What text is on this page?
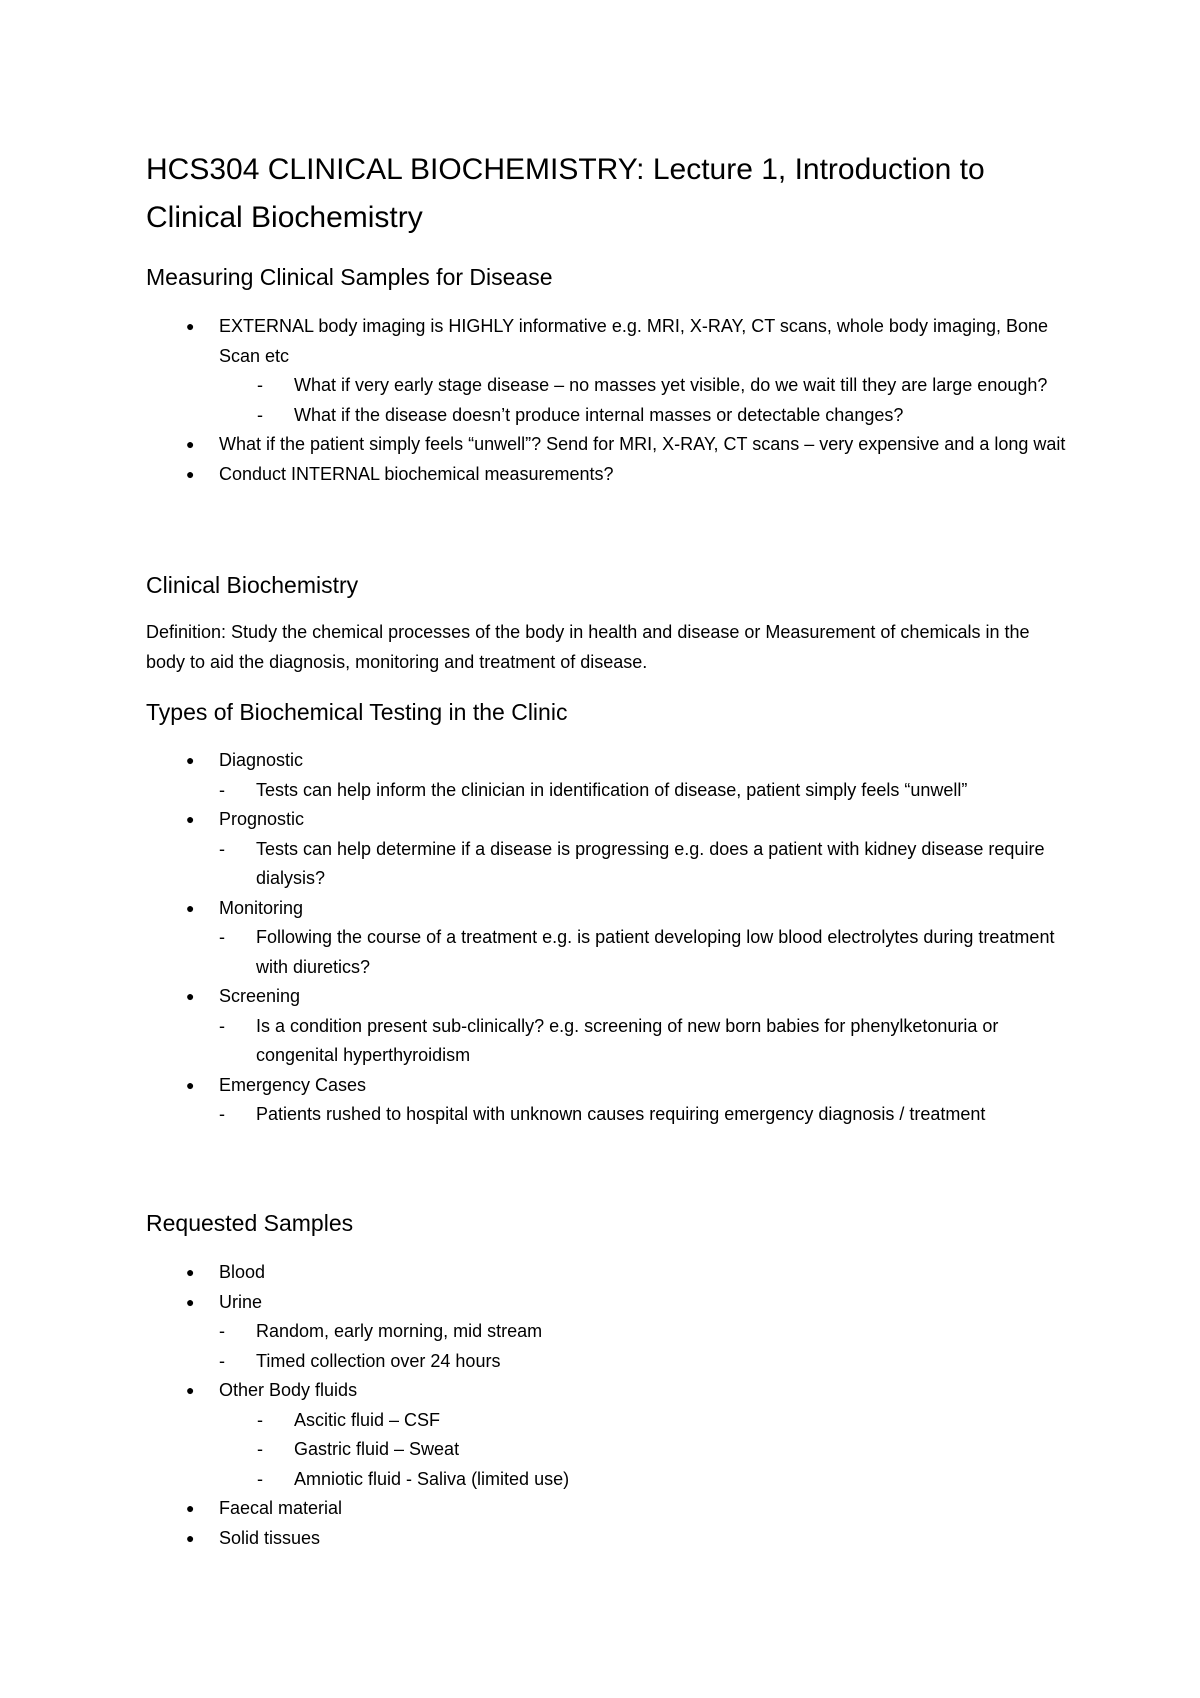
HCS304 CLINICAL BIOCHEMISTRY: Lecture 1, Introduction to Clinical Biochemistry
Measuring Clinical Samples for Disease
● EXTERNAL body imaging is HIGHLY informative e.g. MRI, X-RAY, CT scans, whole body imaging, Bone Scan etc
- What if very early stage disease – no masses yet visible, do we wait till they are large enough?
- What if the disease doesn’t produce internal masses or detectable changes?
● What if the patient simply feels “unwell”? Send for MRI, X-RAY, CT scans – very expensive and a long wait
● Conduct INTERNAL biochemical measurements?
Clinical Biochemistry

Definition: Study the chemical processes of the body in health and disease or Measurement of chemicals in the body to aid the diagnosis, monitoring and treatment of disease.

Types of Biochemical Testing in the Clinic
● Diagnostic
- Tests can help inform the clinician in identification of disease, patient simply feels “unwell”
● Prognostic
- Tests can help determine if a disease is progressing e.g. does a patient with kidney disease require dialysis?
● Monitoring
- Following the course of a treatment e.g. is patient developing low blood electrolytes during treatment with diuretics?
● Screening
- Is a condition present sub-clinically? e.g. screening of new born babies for phenylketonuria or congenital hyperthyroidism
● Emergency Cases
- Patients rushed to hospital with unknown causes requiring emergency diagnosis / treatment
Requested Samples
● Blood
● Urine
- Random, early morning, mid stream
- Timed collection over 24 hours
● Other Body fluids
- Ascitic fluid – CSF
- Gastric fluid – Sweat
- Amniotic fluid - Saliva (limited use)
● Faecal material
● Solid tissues
